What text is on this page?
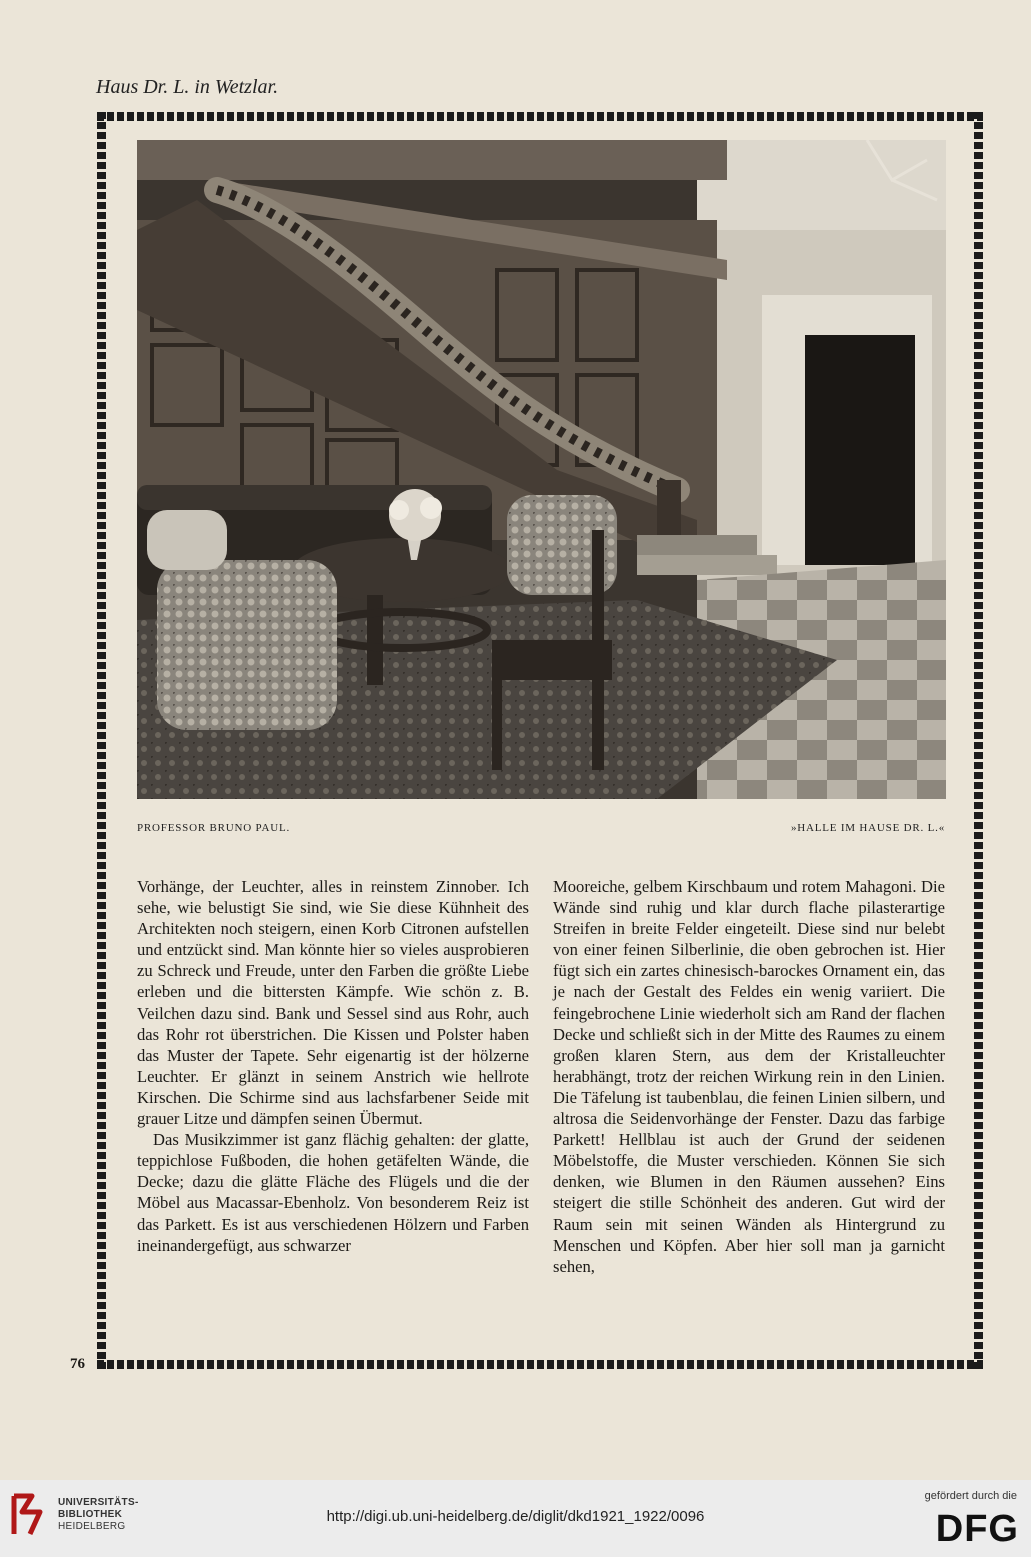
Haus Dr. L. in Wetzlar.
PROFESSOR BRUNO PAUL.	»HALLE IM HAUSE DR. L.«

Vorhänge, der Leuchter, alles in reinstem Zinnober. Ich sehe, wie belustigt Sie sind, wie Sie diese Kühnheit des Architekten noch steigern, einen Korb Citronen aufstellen und entzückt sind. Man könnte hier so vieles ausprobieren zu Schreck und Freude, unter den Farben die größte Liebe erleben und die bittersten Kämpfe. Wie schön z. B. Veilchen dazu sind. Bank und Sessel sind aus Rohr, auch das Rohr rot überstrichen. Die Kissen und Polster haben das Muster der Tapete. Sehr eigenartig ist der hölzerne Leuchter. Er glänzt in seinem Anstrich wie hellrote Kirschen. Die Schirme sind aus lachsfarbener Seide mit grauer Litze und dämpfen seinen Übermut.

Das Musikzimmer ist ganz flächig gehalten: der glatte, teppichlose Fußboden, die hohen getäfelten Wände, die Decke; dazu die glätte Fläche des Flügels und die der Möbel aus Macassar-Ebenholz. Von besonderem Reiz ist das Parkett. Es ist aus verschiedenen Hölzern und Farben ineinandergefügt, aus schwarzer

Mooreiche, gelbem Kirschbaum und rotem Mahagoni. Die Wände sind ruhig und klar durch flache pilasterartige Streifen in breite Felder eingeteilt. Diese sind nur belebt von einer feinen Silberlinie, die oben gebrochen ist. Hier fügt sich ein zartes chinesisch-barockes Ornament ein, das je nach der Gestalt des Feldes ein wenig variiert. Die feingebrochene Linie wiederholt sich am Rand der flachen Decke und schließt sich in der Mitte des Raumes zu einem großen klaren Stern, aus dem der Kristalleuchter herabhängt, trotz der reichen Wirkung rein in den Linien. Die Täfelung ist taubenblau, die feinen Linien silbern, und altrosa die Seidenvorhänge der Fenster. Dazu das farbige Parkett! Hellblau ist auch der Grund der seidenen Möbelstoffe, die Muster verschieden. Können Sie sich denken, wie Blumen in den Räumen aussehen? Eins steigert die stille Schönheit des anderen. Gut wird der Raum sein mit seinen Wänden als Hintergrund zu Menschen und Köpfen. Aber hier soll man ja garnicht sehen,

76
UNIVERSITÄTS-
BIBLIOTHEK
HEIDELBERG
http://digi.ub.uni-heidelberg.de/diglit/dkd1921_1922/0096
gefördert durch die
DFG
